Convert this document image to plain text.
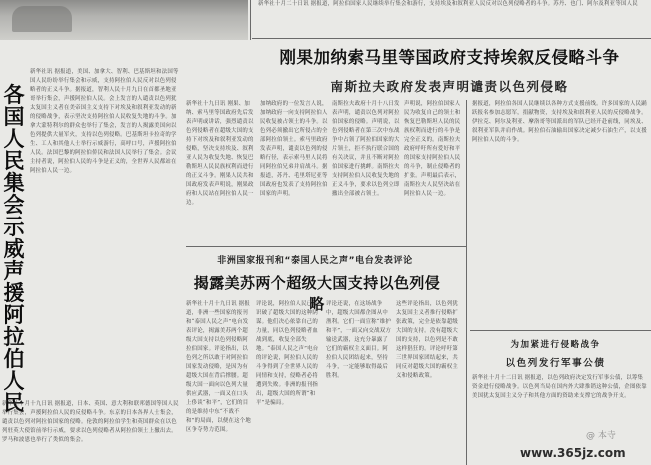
新华社十月二十日讯 据报道，阿拉伯国家人民继续举行集会和游行，支持埃及和叙利亚人民反对以色列侵略者的斗争。苏丹、也门、阿尔及利亚等国人民
各国人民集会示威声援阿拉伯人民
新华社讯 据报道，美国、加拿大、智利、巴基斯坦和法国等国人民纷纷举行集会和示威，支持阿拉伯人民反对以色列侵略者的正义斗争。据报道，智利人民十月九日在首都圣地亚哥举行集会，声援阿拉伯人民。会上发言的人谴责以色列犹太复国主义者在美帝国主义支持下对埃及和叙利亚发动的新的侵略战争，表示坚决支持阿拉伯人民收复失地的斗争。加拿大蒙特利尔的群众也举行了集会，发言的人揭露美国向以色列提供大量军火，支持以色列侵略。巴基斯坦卡拉奇的学生、工人和其他人士举行示威游行，高呼口号，声援阿拉伯人民。法国巴黎的阿拉伯侨民和法国人民举行了集会。会议主持者说，阿拉伯人民的斗争是正义的，全世界人民都站在阿拉伯人民一边。
新华社十月十九日讯 据报道，日本、英国、意大利和联邦德国等国人民举行集会，声援阿拉伯人民的反侵略斗争。东京的日本各界人士集会，谴责以色列对阿拉伯国家的侵略。伦敦的阿拉伯学生和英国群众在以色列驻英大使馆前举行示威，要求以色列侵略者从阿拉伯领土上撤出去。罗马和波恩也举行了类似的集会。
刚果加纳索马里等国政府支持埃叙反侵略斗争
南斯拉夫政府发表声明谴责以色列侵略
新华社十九日讯 刚果、加纳、索马里等国政府先后发表声明或讲话，强烈谴责以色列侵略者在超级大国的支持下对埃及和叙利亚发动的侵略，坚决支持埃及、叙利亚人民为收复失地、恢复巴勒斯坦人民民族权利而进行的正义斗争。刚果人民共和国政府发表声明说，刚果政府和人民站在阿拉伯人民一边。
加纳政府的一位发言人说，加纳政府一向支持阿拉伯人民收复被占领土的斗争。以色列必须撤出它所侵占的全部阿拉伯领土。索马里政府发表声明，谴责以色列的侵略行径，表示索马里人民将同阿拉伯兄弟并肩战斗。据报道，苏丹、毛里塔尼亚等国政府也发表了支持阿拉伯国家的声明。
南斯拉夫政府十月十八日发表声明，谴责以色列对阿拉伯国家的侵略。声明说，以色列侵略者在第三次中东战争中占领了阿拉伯国家的大片领土，拒不执行联合国的有关决议，并且不断对阿拉伯国家进行挑衅。南斯拉夫支持阿拉伯人民收复失地的正义斗争，要求以色列立即撤出全部被占领土。
声明说，阿拉伯国家人民为收复自己的领土和恢复巴勒斯坦人民的民族权利而进行的斗争是完全正义的。南斯拉夫政府呼吁所有爱好和平的国家支持阿拉伯人民的斗争，制止侵略者的扩张。声明最后表示，南斯拉夫人民坚决站在阿拉伯人民一边。
非洲国家报刊和“泰国人民之声”电台发表评论
揭露美苏两个超级大国支持以色列侵略
新华社十月十九日讯 据报道，非洲一些国家的报刊和“泰国人民之声”电台发表评论，揭露美苏两个超级大国支持以色列侵略阿拉伯国家。评论指出，以色列之所以敢于对阿拉伯国家发动侵略，是因为有超级大国在背后撑腰。超级大国一面向以色列大量供应武器，一面又在口头上侈谈“和平”，它们的目的是维持中东“不战不和”的局面，以便在这个地区争夺势力范围。
评论说，阿拉伯人民已经识破了超级大国的这种阴谋。他们决心依靠自己的力量，同以色列侵略者血战到底，收复全部失地。“泰国人民之声”电台的评论说，阿拉伯人民的斗争得到了全世界人民的同情和支持，侵略者必将遭到失败。非洲的报刊指出，超级大国的所谓“和平”是骗局。
评论还说，在这场战争中，超级大国都企图从中渔利。它们一面宣称“维护和平”，一面又向交战双方输送武器，这充分暴露了它们的霸权主义面目。阿拉伯人民团结起来，坚持斗争，一定能够取得最后胜利。
这些评论指出，以色列犹太复国主义者推行侵略扩张政策，完全是依靠超级大国的支持。没有超级大国的支持，以色列是不敢这样猖狂的。评论呼吁第三世界国家团结起来，共同反对超级大国的霸权主义和侵略政策。
据报道，阿拉伯各国人民继续以各种方式支援前线。许多国家的人民踊跃报名参加志愿军，捐献物资，支持埃及和叙利亚人民的反侵略战争。伊拉克、阿尔及利亚、摩洛哥等国派出的军队已经开赴前线，同埃及、叙利亚军队并肩作战。阿拉伯石油输出国家决定减少石油生产，以支援阿拉伯人民的斗争。
为加紧进行侵略战争
以色列发行军事公债
新华社十月十二日讯 据报道，以色列政府决定发行军事公债，以筹集资金进行侵略战争。以色列当局在国内外大肆推销这种公债，企图依靠美国犹太复国主义分子和其他方面的资助来支撑它的战争开支。
@ 本寺
www.365jz.com
